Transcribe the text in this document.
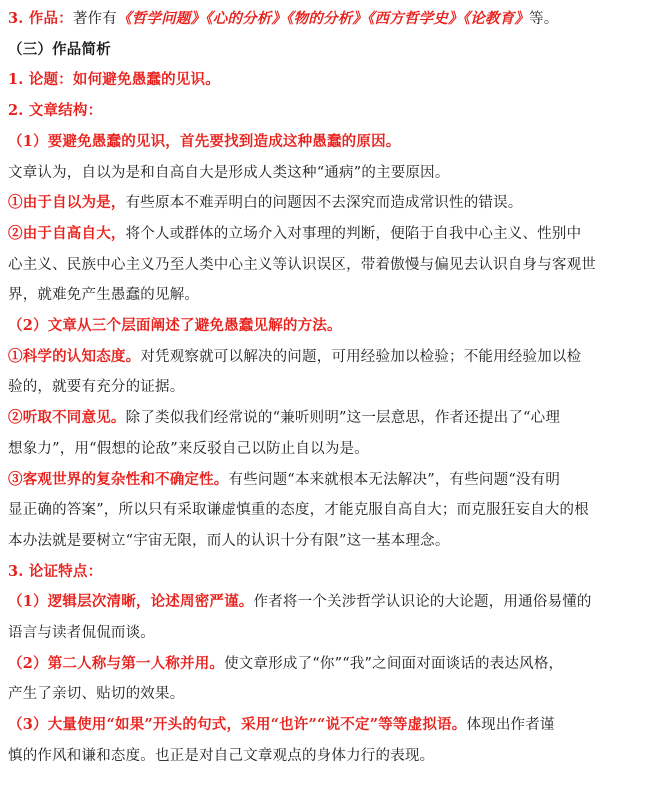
3. 作品：著作有《哲学问题》《心的分析》《物的分析》《西方哲学史》《论教育》等。

（三）作品简析

1. 论题：如何避免愚蠢的见识。

2. 文章结构：

（1）要避免愚蠢的见识，首先要找到造成这种愚蠢的原因。

文章认为，自以为是和自高自大是形成人类这种“通病”的主要原因。

①由于自以为是，有些原本不难弄明白的问题因不去深究而造成常识性的错误。

②由于自高自大，将个人或群体的立场介入对事理的判断，便陷于自我中心主义、性别中

心主义、民族中心主义乃至人类中心主义等认识误区，带着傲慢与偏见去认识自身与客观世

界，就难免产生愚蠢的见解。

（2）文章从三个层面阐述了避免愚蠢见解的方法。

①科学的认知态度。对凭观察就可以解决的问题，可用经验加以检验；不能用经验加以检

验的，就要有充分的证据。

②听取不同意见。除了类似我们经常说的“兼听则明”这一层意思，作者还提出了“心理

想象力”，用“假想的论敌”来反驳自己以防止自以为是。

③客观世界的复杂性和不确定性。有些问题“本来就根本无法解决”，有些问题“没有明

显正确的答案”，所以只有采取谦虚慎重的态度，才能克服自高自大；而克服狂妄自大的根

本办法就是要树立“宇宙无限，而人的认识十分有限”这一基本理念。

3. 论证特点：

（1）逻辑层次清晰，论述周密严谨。作者将一个关涉哲学认识论的大论题，用通俗易懂的

语言与读者侃侃而谈。

（2）第二人称与第一人称并用。使文章形成了“你”“我”之间面对面谈话的表达风格，

产生了亲切、贴切的效果。

（3）大量使用“如果”开头的句式，采用“也许”“说不定”等等虚拟语。体现出作者谨

慎的作风和谦和态度。也正是对自己文章观点的身体力行的表现。
